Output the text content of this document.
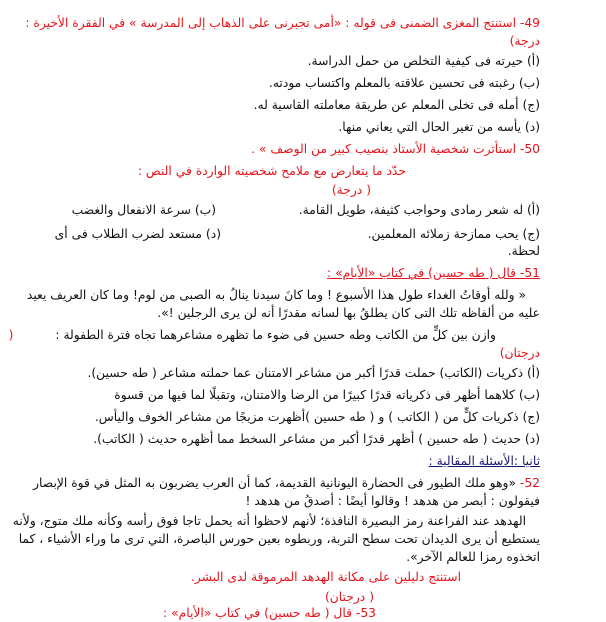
49- استنتج المغزى الضمنى فى قوله : «أمى تجبرنى على الذهاب إلى المدرسة » في الفقرة الأخيرة :
درجة)
(أ) حيرته فى كيفية التخلص من حمل الدراسة.
(ب) رغبته فى تحسين علاقته بالمعلم واكتساب مودته.
(ج) أمله فى تخلى المعلم عن طريقة معاملته القاسية له.
(د) يأسه من تغير الحال التي يعاني منها.
50- استأثرت شخصية الأستاذ بنصيب كبير من الوصف » .
حدّد ما يتعارض مع ملامح شخصيته الواردة في النص :
( درجة)
(أ) له شعر رمادى وحواجب كثيفة، طويل القامة.
(ب) سرعة الانفعال والغضب
(ج) يحب ممازحة زملائه المعلمين.
(د) مستعد لضرب الطلاب فى أى
لحظة.
51- قال ( طه حسين) في كتاب «الأيام» :
« ولله أوقاتُ الغداء طول هذا الأسبوع ! وما كانَ سيدنا ينالُ به الصبى من لوم! وما كان العريف يعيد
عليه من ألفاظه تلك التى كان يطلقُ بها لسانه مقدرًا أنه لن يرى الرجلين !».
وازن بين كلٍّ من الكاتب وطه حسين فى ضوء ما تظهره مشاعرهما تجاه فترة الطفولة : (
درجتان)
(أ) ذكريات (الكاتب) حملت قدرًا أكبر من مشاعر الامتنان عما حملته مشاعر ( طه حسين).
(ب) كلاهما أظهر فى ذكرياته قدرًا كبيرًا من الرضا والامتنان، وتقبلًا لما فيها من قسوة
(ج) ذكريات كلٍّ من ( الكاتب ) و ( طه حسين )أظهرت مزيجًا من مشاعر الخوف واليأس.
(د) حديث ( طه حسين ) أظهر قدرًا أكبر من مشاعر السخط مما أظهره حديث ( الكاتب).
ثانيا :الأسئلة المقالية :
52- «وهو ملك الطيور فى الحضارة اليونانية القديمة، كما أن العرب يضربون به المثل في قوة الإبصار
فيقولون : أبصر من هدهد ! وقالوا أيضًا : أصدقُ من هدهد !
الهدهد عند الفراعنة رمز البصيرة النافذة؛ لأنهم لاحظوا أنه يحمل تاجا فوق رأسه وكأنه ملك متوج، ولأنه
يستطيع أن يرى الديدان تحت سطح التربة، وربطوه بعين حورس الباصرة، التي ترى ما وراء الأشياء ، كما
اتخذوه رمزا للعالم الآخر».
استنتج دليلين على مكانة الهدهد المرموقة لدى البشر.
( درجتان)
53- قال ( طه حسين) في كتاب «الأيام» :
